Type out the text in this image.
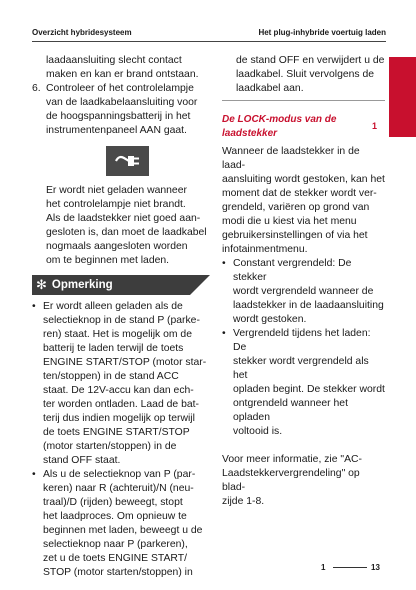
Overzicht hybridesysteem	Het plug-inhybride voertuig laden
1

laadaansluiting slecht contact

maken en kan er brand ontstaan.

6. Controleer of het controlelampje

van de laadkabelaansluiting voor

de hoogspanningsbatterij in het

instrumentenpaneel AAN gaat.

Er wordt niet geladen wanneer

het controlelampje niet brandt.

Als de laadstekker niet goed aan-

gesloten is, dan moet de laadkabel

nogmaals aangesloten worden

om te beginnen met laden.

✻ Opmerking
• Er wordt alleen geladen als de

selectieknop in de stand P (parke-

ren) staat. Het is mogelijk om de

batterij te laden terwijl de toets

ENGINE START/STOP (motor star-

ten/stoppen) in de stand ACC

staat. De 12V-accu kan dan ech-

ter worden ontladen. Laad de bat-

terij dus indien mogelijk op terwijl

de toets ENGINE START/STOP

(motor starten/stoppen) in de

stand OFF staat.

• Als u de selectieknop van P (par-

keren) naar R (achteruit)/N (neu-

traal)/D (rijden) beweegt, stopt

het laadproces. Om opnieuw te

beginnen met laden, beweegt u de

selectieknop naar P (parkeren),

zet u de toets ENGINE START/

STOP (motor starten/stoppen) in

de stand OFF en verwijdert u de

laadkabel. Sluit vervolgens de

laadkabel aan.

De LOCK-modus van de laadstekker

Wanneer de laadstekker in de laad-

aansluiting wordt gestoken, kan het

moment dat de stekker wordt ver-

grendeld, variëren op grond van

modi die u kiest via het menu

gebruikersinstellingen of via het

infotainmentmenu.

• Constant vergrendeld: De stekker

wordt vergrendeld wanneer de

laadstekker in de laadaansluiting

wordt gestoken.

• Vergrendeld tijdens het laden: De

stekker wordt vergrendeld als het

opladen begint. De stekker wordt

ontgrendeld wanneer het opladen

voltooid is.

Voor meer informatie, zie "AC-

Laadstekkervergrendeling" op blad-

zijde 1-8.

1	13
